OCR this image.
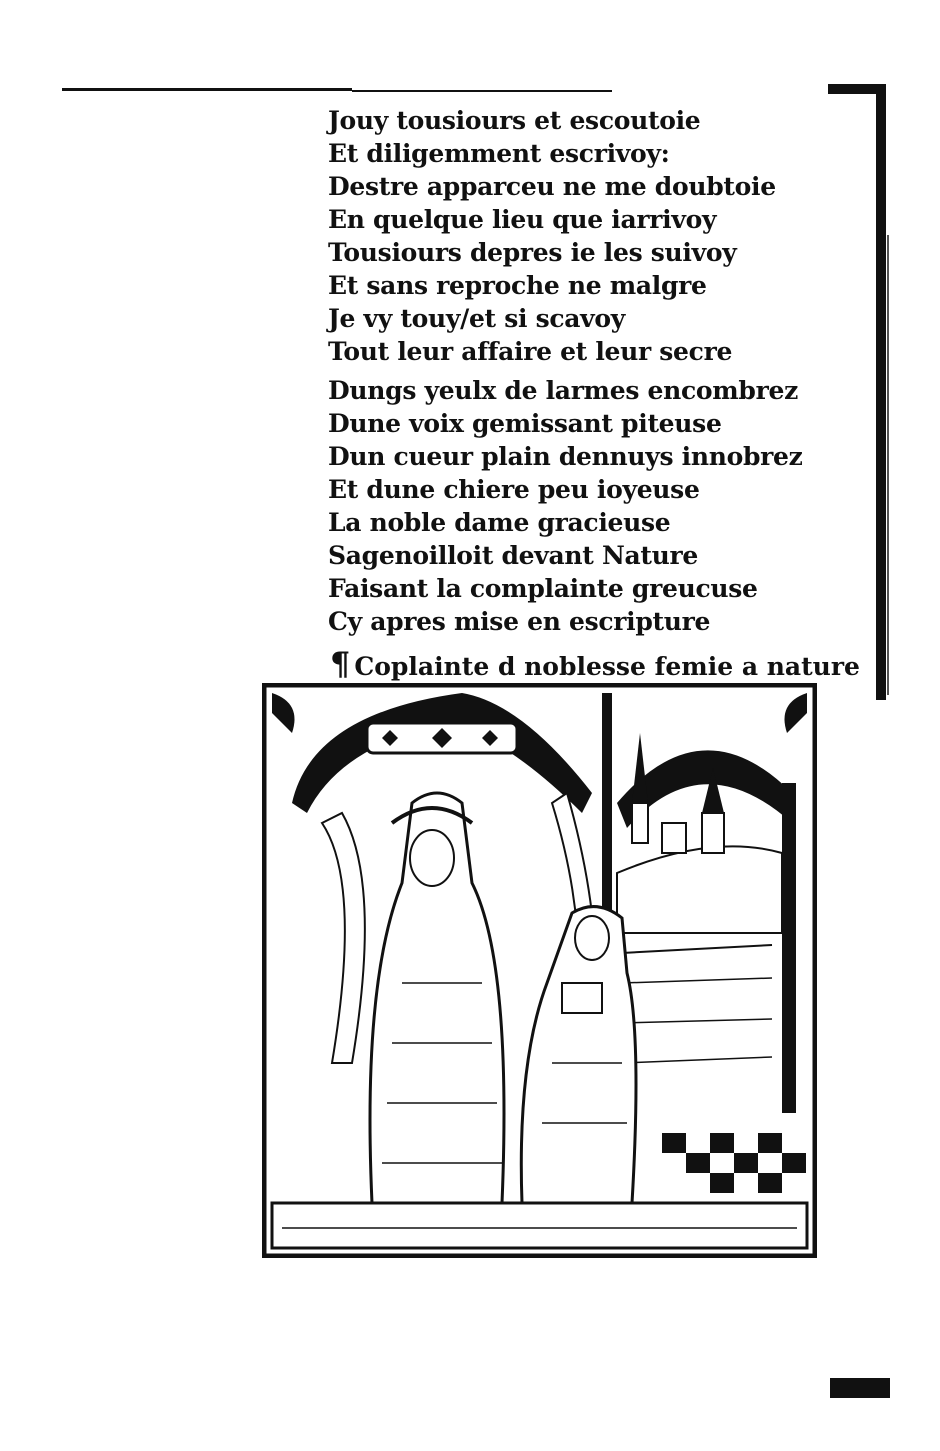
Jouy tousiours et escoutoie
Et diligemment escrivoy:
Destre apparceu ne me doubtoie
En quelque lieu que iarrivoy
Tousiours depres ie les suivoy
Et sans reproche ne malgre
Je vy touy/et si scavoy
Tout leur affaire et leur secre
Dungs yeulx de larmes encombrez
Dune voix gemissant piteuse
Dun cueur plain dennuys innobrez
Et dune chiere peu ioyeuse
La noble dame gracieuse
Sagenoilloit devant Nature
Faisant la complainte greucuse
Cy apres mise en escripture
¶ Coplainte d noblesse femie a nature
